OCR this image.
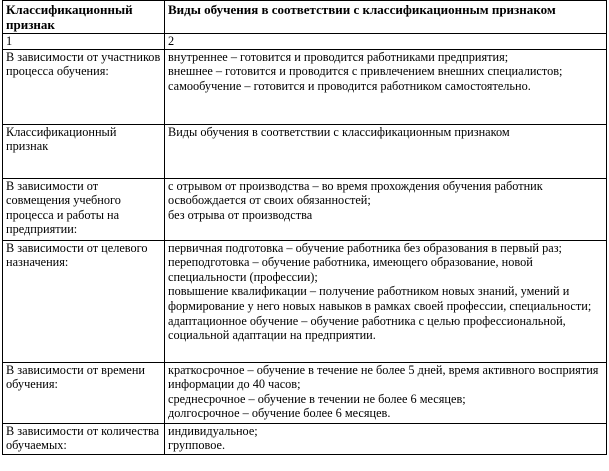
Классификационный признак	Виды обучения в соответствии с классификационным признаком
1	2
В зависимости от участников процесса обучения:	внутреннее – готовится и проводится работниками предприятия;
внешнее – готовится и проводится с привлечением внешних специалистов;
самообучение – готовится и проводится работником самостоятельно.

Классификационный признак	Виды обучения в соответствии с классификационным признаком

В зависимости от совмещения учебного процесса и работы на предприятии:	с отрывом от производства – во время прохождения обучения работник освобождается от своих обязанностей;
без отрыва от производства

В зависимости от целевого назначения:	первичная подготовка – обучение работника без образования в первый раз;
переподготовка – обучение работника, имеющего образование, новой специальности (профессии);
повышение квалификации – получение работником новых знаний, умений и формирование у него новых навыков в рамках своей профессии, специальности;
адаптационное обучение – обучение работника с целью профессиональной, социальной адаптации на предприятии.

В зависимости от времени обучения:	краткосрочное – обучение в течение не более 5 дней, время активного восприятия информации до 40 часов;
среднесрочное – обучение в течении не более 6 месяцев;
долгосрочное – обучение более 6 месяцев.

В зависимости от количества обучаемых:	индивидуальное;
групповое.
